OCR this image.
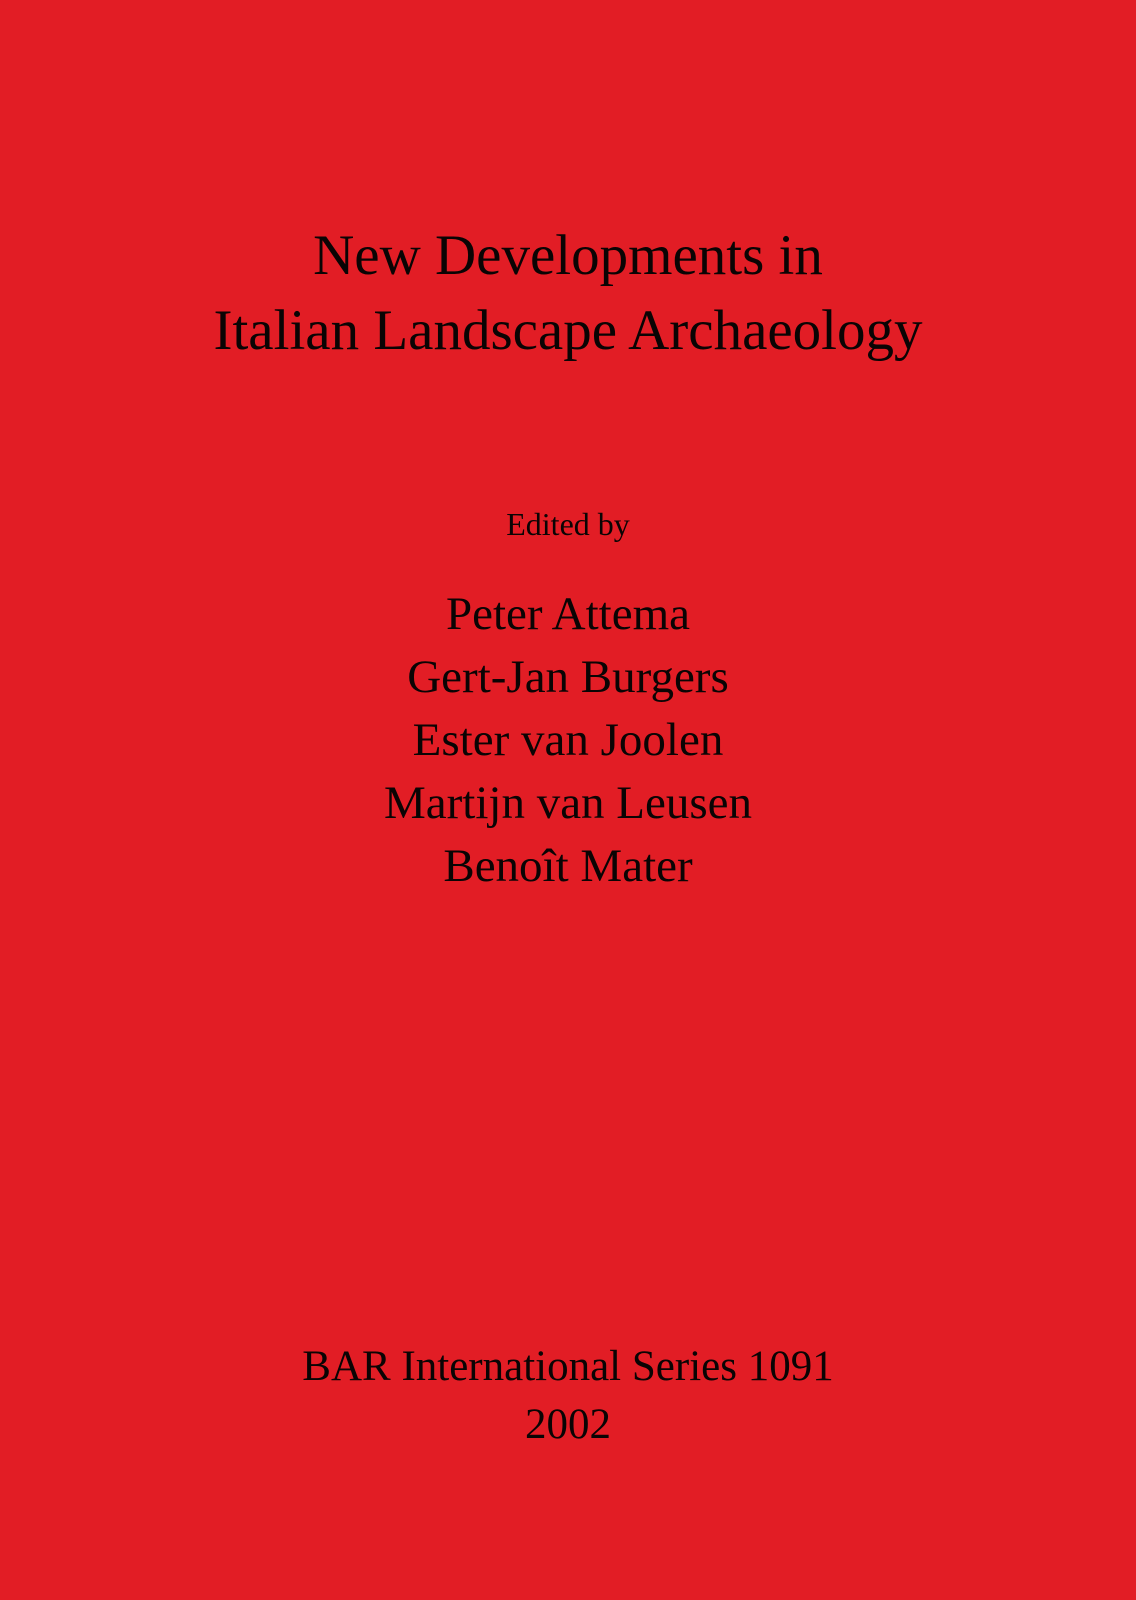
New Developments in
Italian Landscape Archaeology
Edited by
Peter Attema
Gert-Jan Burgers
Ester van Joolen
Martijn van Leusen
Benoît Mater
BAR International Series 1091
2002
